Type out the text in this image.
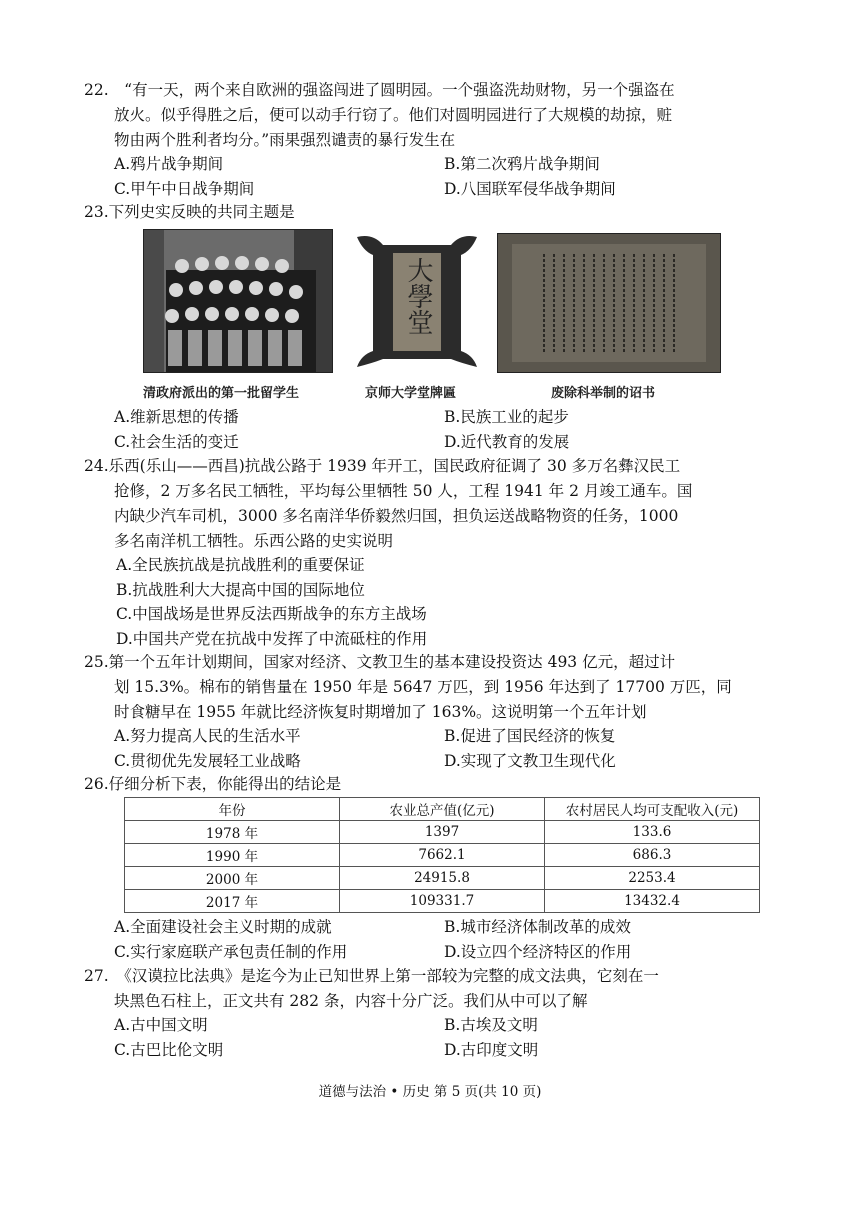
22.　“有一天，两个来自欧洲的强盗闯进了圆明园。一个强盗洗劫财物，另一个强盗在
放火。似乎得胜之后，便可以动手行窃了。他们对圆明园进行了大规模的劫掠，赃
物由两个胜利者均分。”雨果强烈谴责的暴行发生在
A.鸦片战争期间	B.第二次鸦片战争期间
C.甲午中日战争期间	D.八国联军侵华战争期间
23.下列史实反映的共同主题是
大學堂
清政府派出的第一批留学生	京师大学堂牌匾	废除科举制的诏书
A.维新思想的传播	B.民族工业的起步
C.社会生活的变迁	D.近代教育的发展
24.乐西(乐山——西昌)抗战公路于 1939 年开工，国民政府征调了 30 多万名彝汉民工
抢修，2 万多名民工牺牲，平均每公里牺牲 50 人，工程 1941 年 2 月竣工通车。国
内缺少汽车司机，3000 多名南洋华侨毅然归国，担负运送战略物资的任务，1000
多名南洋机工牺牲。乐西公路的史实说明
A.全民族抗战是抗战胜利的重要保证
B.抗战胜利大大提高中国的国际地位
C.中国战场是世界反法西斯战争的东方主战场
D.中国共产党在抗战中发挥了中流砥柱的作用
25.第一个五年计划期间，国家对经济、文教卫生的基本建设投资达 493 亿元，超过计
划 15.3%。棉布的销售量在 1950 年是 5647 万匹，到 1956 年达到了 17700 万匹，同
时食糖早在 1955 年就比经济恢复时期增加了 163%。这说明第一个五年计划
A.努力提高人民的生活水平	B.促进了国民经济的恢复
C.贯彻优先发展轻工业战略	D.实现了文教卫生现代化
26.仔细分析下表，你能得出的结论是
年份	农业总产值(亿元)	农村居民人均可支配收入(元)
1978 年	1397	133.6
1990 年	7662.1	686.3
2000 年	24915.8	2253.4
2017 年	109331.7	13432.4
A.全面建设社会主义时期的成就	B.城市经济体制改革的成效
C.实行家庭联产承包责任制的作用	D.设立四个经济特区的作用
27.　《汉谟拉比法典》是迄今为止已知世界上第一部较为完整的成文法典，它刻在一
块黑色石柱上，正文共有 282 条，内容十分广泛。我们从中可以了解
A.古中国文明	B.古埃及文明
C.古巴比伦文明	D.古印度文明
道德与法治 • 历史 第 5 页(共 10 页)
